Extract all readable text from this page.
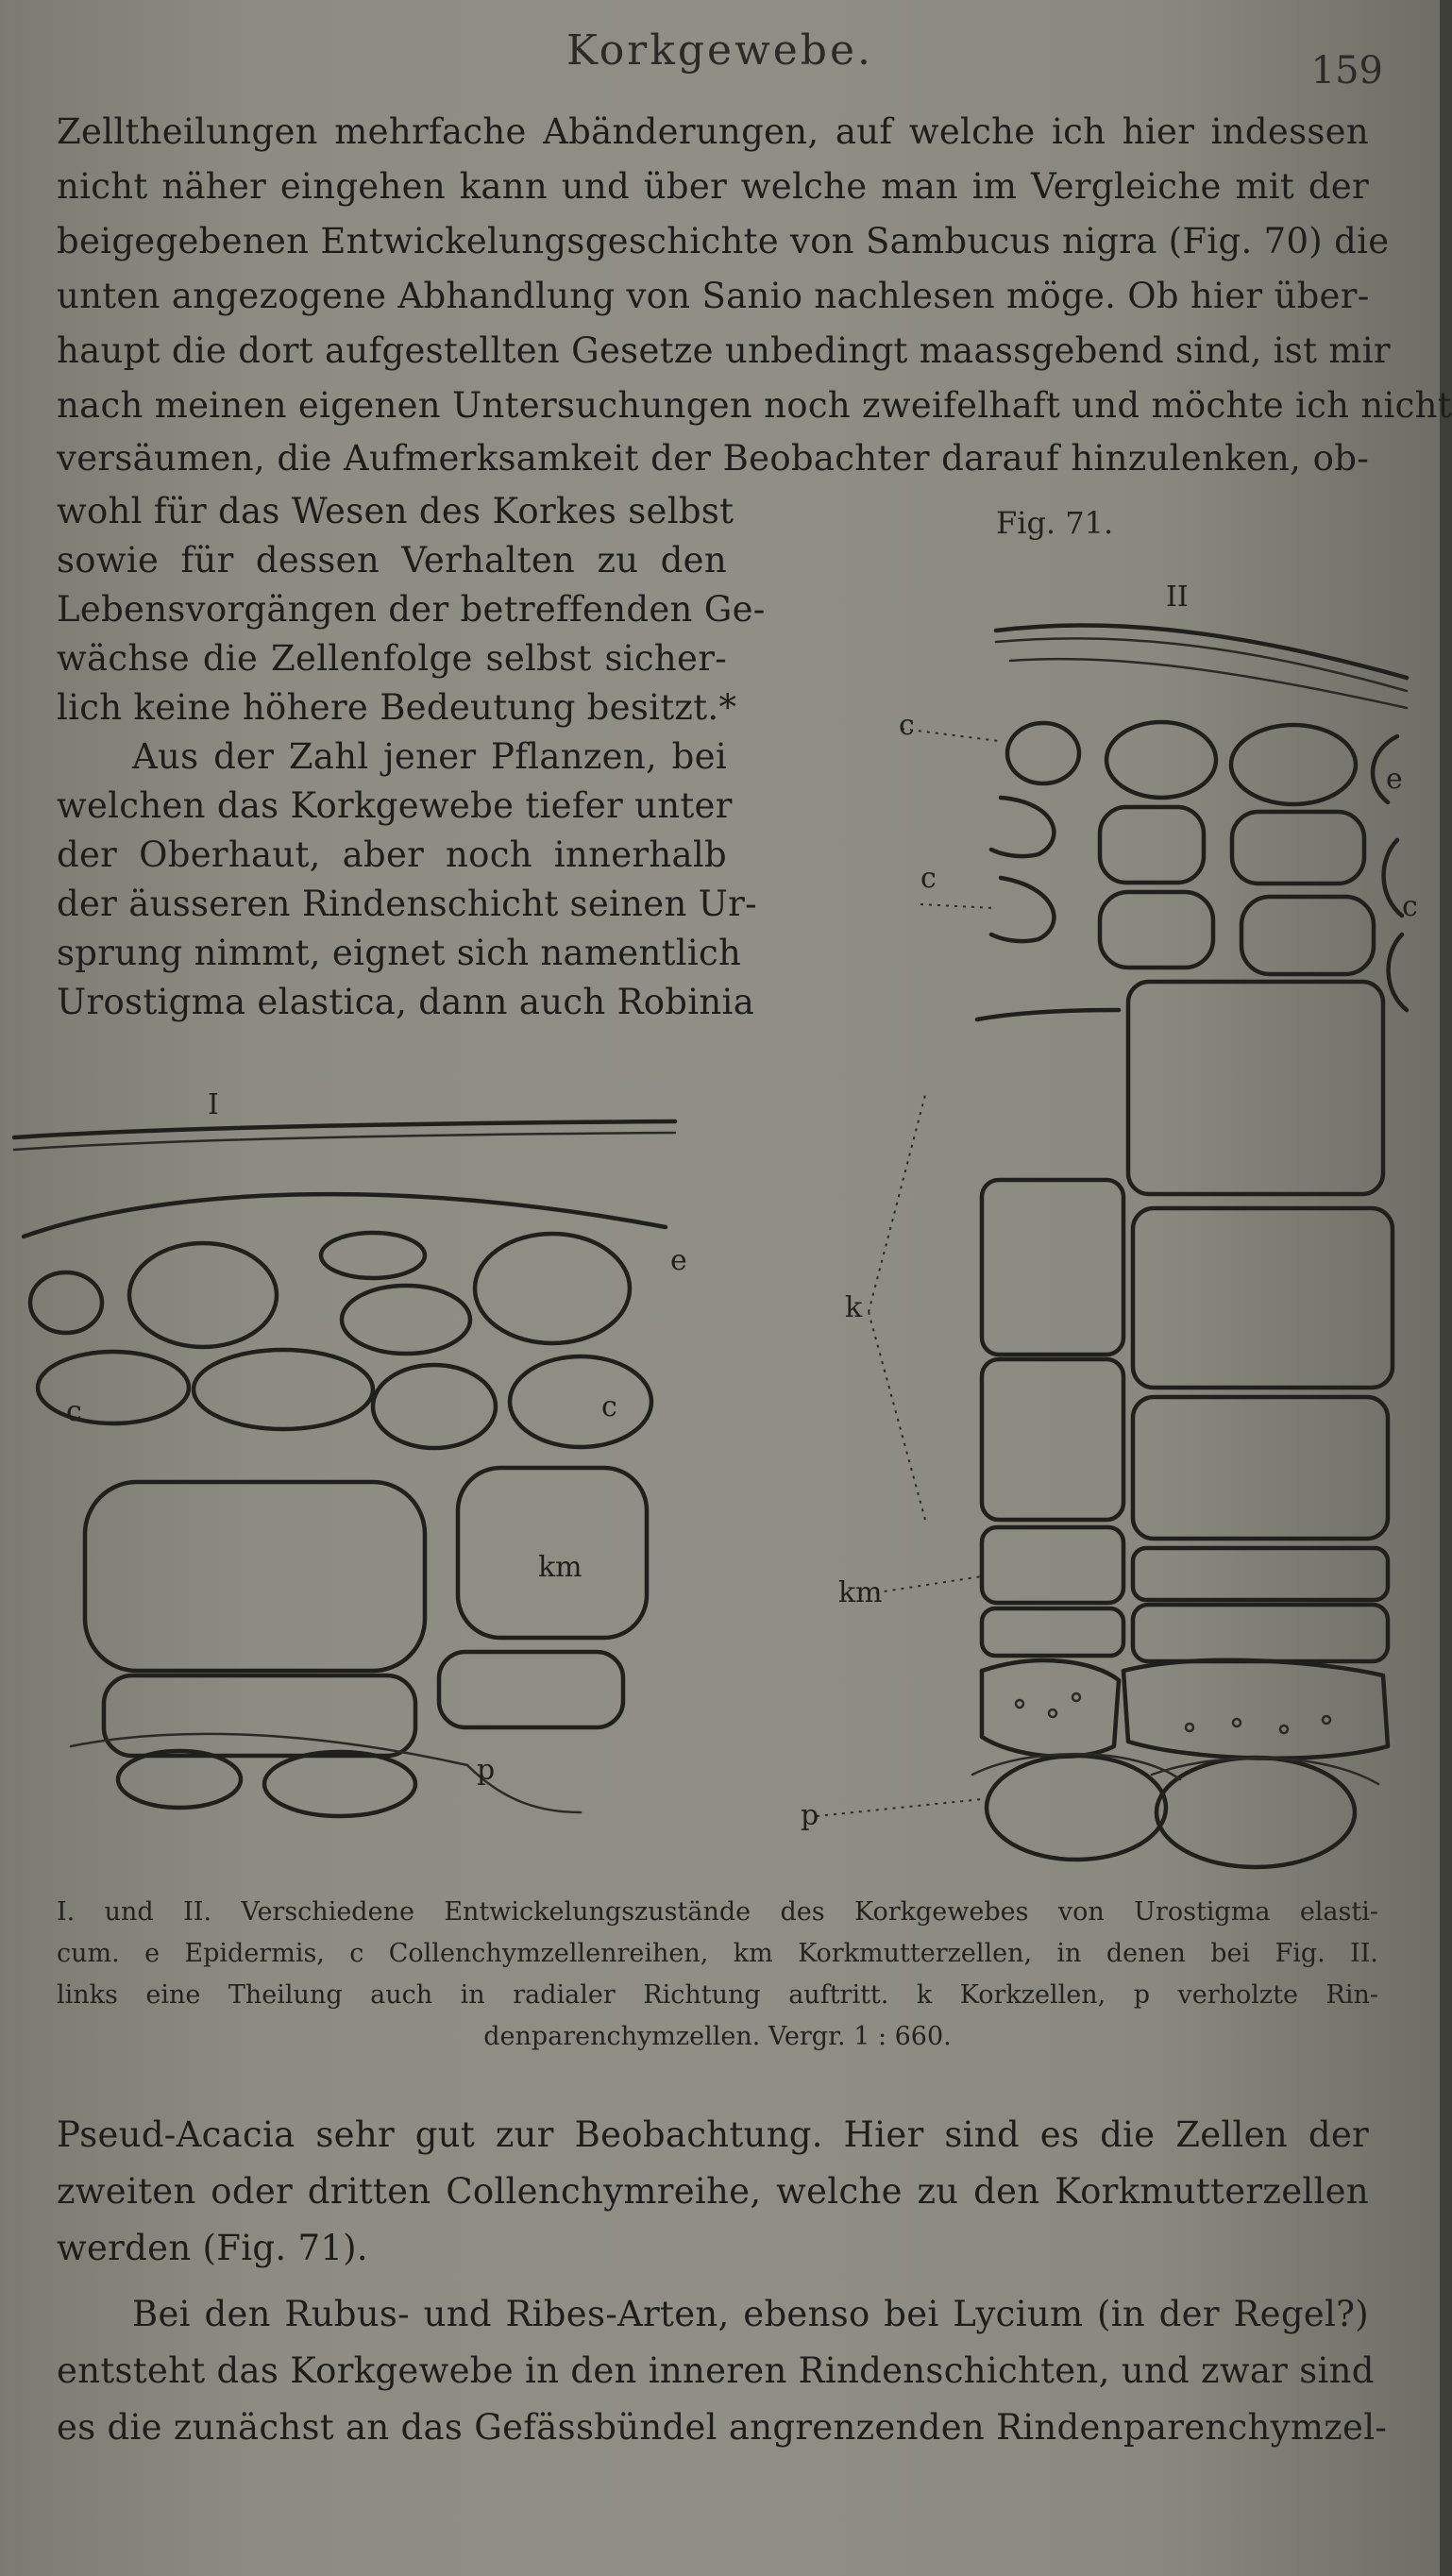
Korkgewebe.	159
Zelltheilungen mehrfache Abänderungen, auf welche ich hier indessen
nicht näher eingehen kann und über welche man im Vergleiche mit der
beigegebenen Entwickelungsgeschichte von Sambucus nigra (Fig. 70) die
unten angezogene Abhandlung von Sanio nachlesen möge. Ob hier über-
haupt die dort aufgestellten Gesetze unbedingt maassgebend sind, ist mir
nach meinen eigenen Untersuchungen noch zweifelhaft und möchte ich nicht
versäumen, die Aufmerksamkeit der Beobachter darauf hinzulenken, ob-
wohl für das Wesen des Korkes selbst
sowie für dessen Verhalten zu den
Lebensvorgängen der betreffenden Ge-
wächse die Zellenfolge selbst sicher-
lich keine höhere Bedeutung besitzt.*
Aus der Zahl jener Pflanzen, bei
welchen das Korkgewebe tiefer unter
der Oberhaut, aber noch innerhalb
der äusseren Rindenschicht seinen Ur-
sprung nimmt, eignet sich namentlich
Urostigma elastica, dann auch Robinia
Fig. 71.
II
c
c
e
c
k
km
p
I
e
c	c
km
p
I. und II. Verschiedene Entwickelungszustände des Korkgewebes von Urostigma elasti-
cum. e Epidermis, c Collenchymzellenreihen, km Korkmutterzellen, in denen bei Fig. II.
links eine Theilung auch in radialer Richtung auftritt. k Korkzellen, p verholzte Rin-
denparenchymzellen. Vergr. 1 : 660.
Pseud-Acacia sehr gut zur Beobachtung. Hier sind es die Zellen der
zweiten oder dritten Collenchymreihe, welche zu den Korkmutterzellen
werden (Fig. 71).
Bei den Rubus- und Ribes-Arten, ebenso bei Lycium (in der Regel?)
entsteht das Korkgewebe in den inneren Rindenschichten, und zwar sind
es die zunächst an das Gefässbündel angrenzenden Rindenparenchymzel-
